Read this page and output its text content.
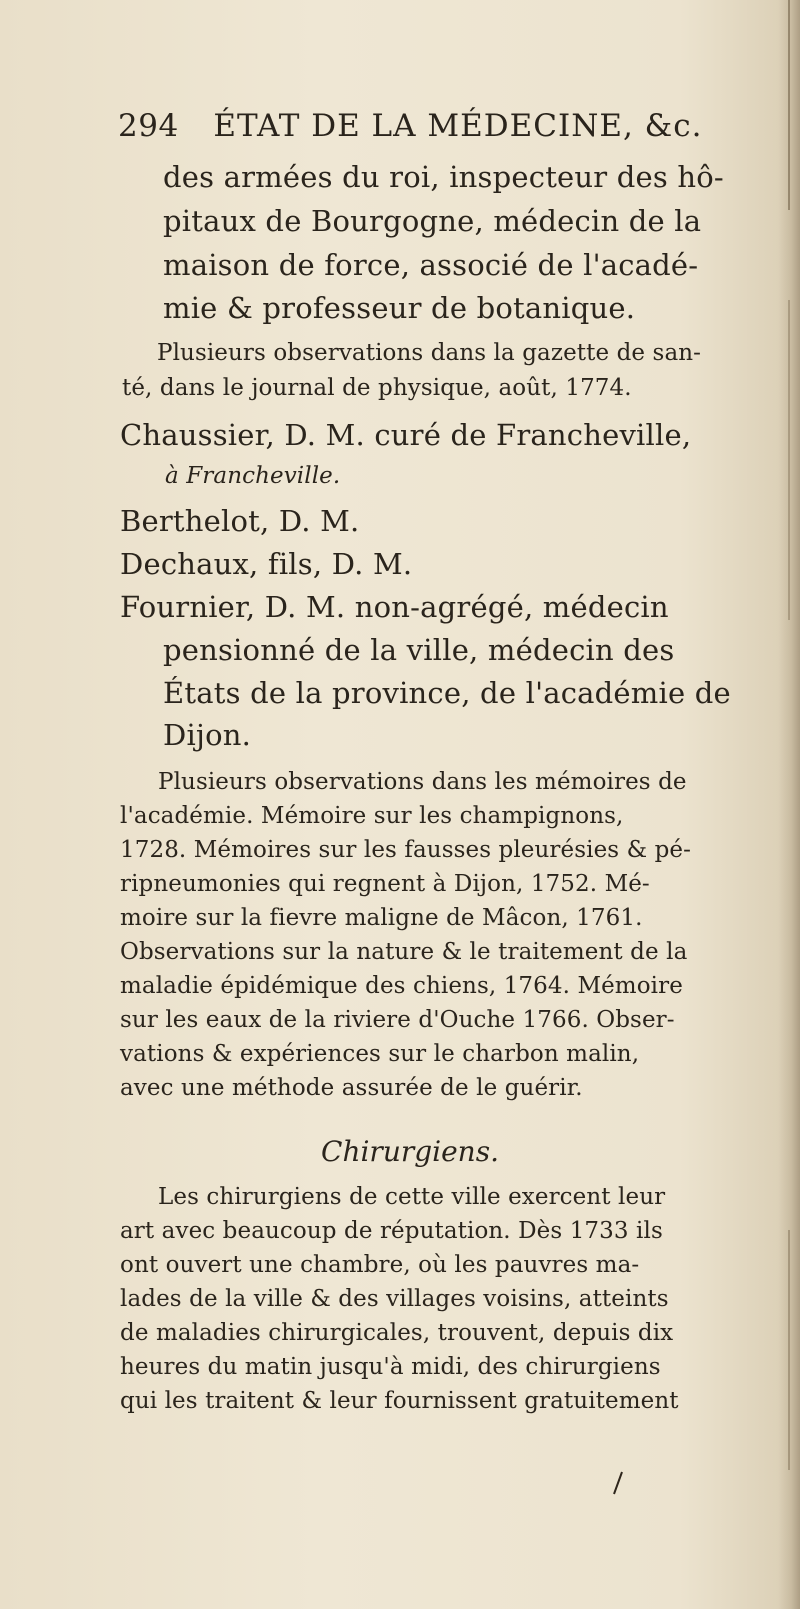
294 ÉTAT DE LA MÉDECINE, &c.
des armées du roi, inspecteur des hô-
pitaux de Bourgogne, médecin de la
maison de force, associé de l'acadé-
mie & professeur de botanique.
Plusieurs observations dans la gazette de san-
té, dans le journal de physique, août, 1774.
Chaussier, D. M. curé de Francheville,
à Francheville.
Berthelot, D. M.
Dechaux, fils, D. M.
Fournier, D. M. non-agrégé, médecin
pensionné de la ville, médecin des
États de la province, de l'académie de
Dijon.
Plusieurs observations dans les mémoires de
l'académie. Mémoire sur les champignons,
1728. Mémoires sur les fausses pleurésies & pé-
ripneumonies qui regnent à Dijon, 1752. Mé-
moire sur la fievre maligne de Mâcon, 1761.
Observations sur la nature & le traitement de la
maladie épidémique des chiens, 1764. Mémoire
sur les eaux de la riviere d'Ouche 1766. Obser-
vations & expériences sur le charbon malin,
avec une méthode assurée de le guérir.
Chirurgiens.
Les chirurgiens de cette ville exercent leur
art avec beaucoup de réputation. Dès 1733 ils
ont ouvert une chambre, où les pauvres ma-
lades de la ville & des villages voisins, atteints
de maladies chirurgicales, trouvent, depuis dix
heures du matin jusqu'à midi, des chirurgiens
qui les traitent & leur fournissent gratuitement
